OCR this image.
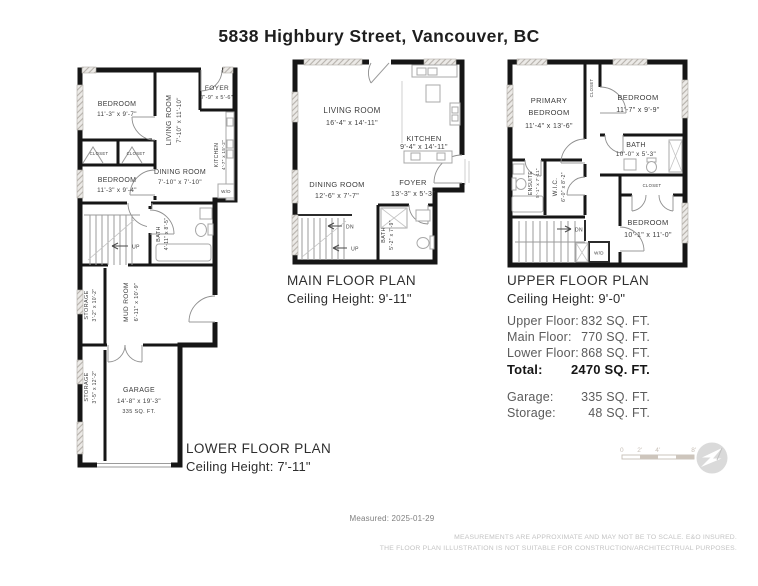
5838 Highbury Street, Vancouver, BC
BEDROOM
11'-3" x 9'-7"
CLOSET	CLOSET
LIVING ROOM 7'-10" x 11'-10"
FOYER
7'-9" x 5'-6"
KITCHEN 4'-7" x 15'-2"
DINING ROOM
7'-10" x 7'-10"
BEDROOM
11'-3" x 9'-4"
BATH 4'-11" x 8'-5"
STORAGE 3'-2" x 10'-2"	MUD ROOM 6'-11" x 10'-9"
STORAGE 3'-5" x 12'-2"	GARAGE
14'-8" x 19'-3"
335 SQ. FT.
W/D
UP
LIVING ROOM
16'-4" x 14'-11"
KITCHEN
9'-4" x 14'-11"
DINING ROOM
12'-6" x 7'-7"
FOYER
13'-3" x 5'-3"
BATH 5'-2" x 7'-9"
DN
UP
PRIMARY
BEDROOM
11'-4" x 13'-6"
CLOSET
BEDROOM
11'-7" x 9'-9"
BATH
10'-0" x 5'-3"
ENSUITE 5'-1" x 7'-11" W.I.C. 6'-0" x 8'-2"	CLOSET
BEDROOM
10'-1" x 11'-0"
W/D
DN
LOWER FLOOR PLAN
Ceiling Height: 7'-11"
MAIN FLOOR PLAN
Ceiling Height: 9'-11"
UPPER FLOOR PLAN
Ceiling Height: 9'-0"
Upper Floor: 832 SQ. FT.
Main Floor: 770 SQ. FT.
Lower Floor: 868 SQ. FT.
Total: 2470 SQ. FT.
Garage: 335 SQ. FT.
Storage:	48 SQ. FT.
0 2' 4'	8'
Measured: 2025-01-29
MEASUREMENTS ARE APPROXIMATE AND MAY NOT BE TO SCALE. E&O INSURED.
THE FLOOR PLAN ILLUSTRATION IS NOT SUITABLE FOR CONSTRUCTION/ARCHITECTRUAL PURPOSES.
